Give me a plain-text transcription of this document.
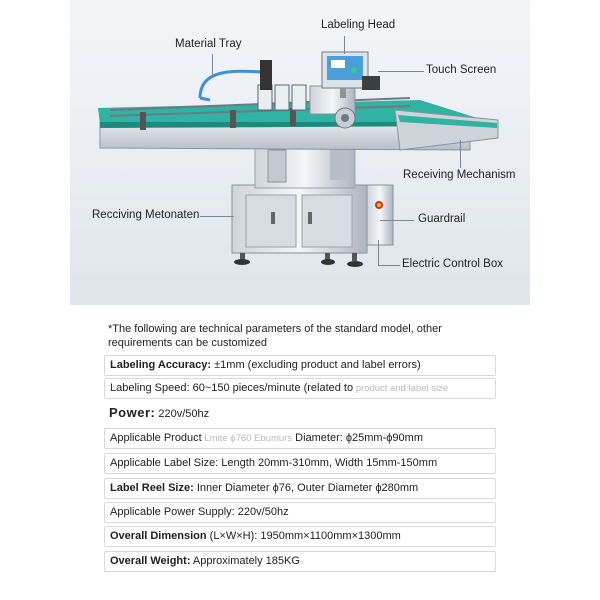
Labeling Head
Material Tray
Touch Screen
Receiving Mechanism
Guardrail
Electric Control Box
Recciving Metonaten
*The following are technical parameters of the standard model, other requirements can be customized
Labeling Accuracy: ±1mm (excluding product and label errors)
Labeling Speed: 60~150 pieces/minute (related to product and label size
Power: 220v/50hz
Applicable Product Lmite ϕ760 Ebumurs Diameter: ϕ25mm-ϕ90mm
Applicable Label Size: Length 20mm-310mm, Width 15mm-150mm
Label Reel Size: Inner Diameter ϕ76, Outer Diameter ϕ280mm
Applicable Power Supply: 220v/50hz
Overall Dimension (L×W×H): 1950mm×1100mm×1300mm
Overall Weight: Approximately 185KG
